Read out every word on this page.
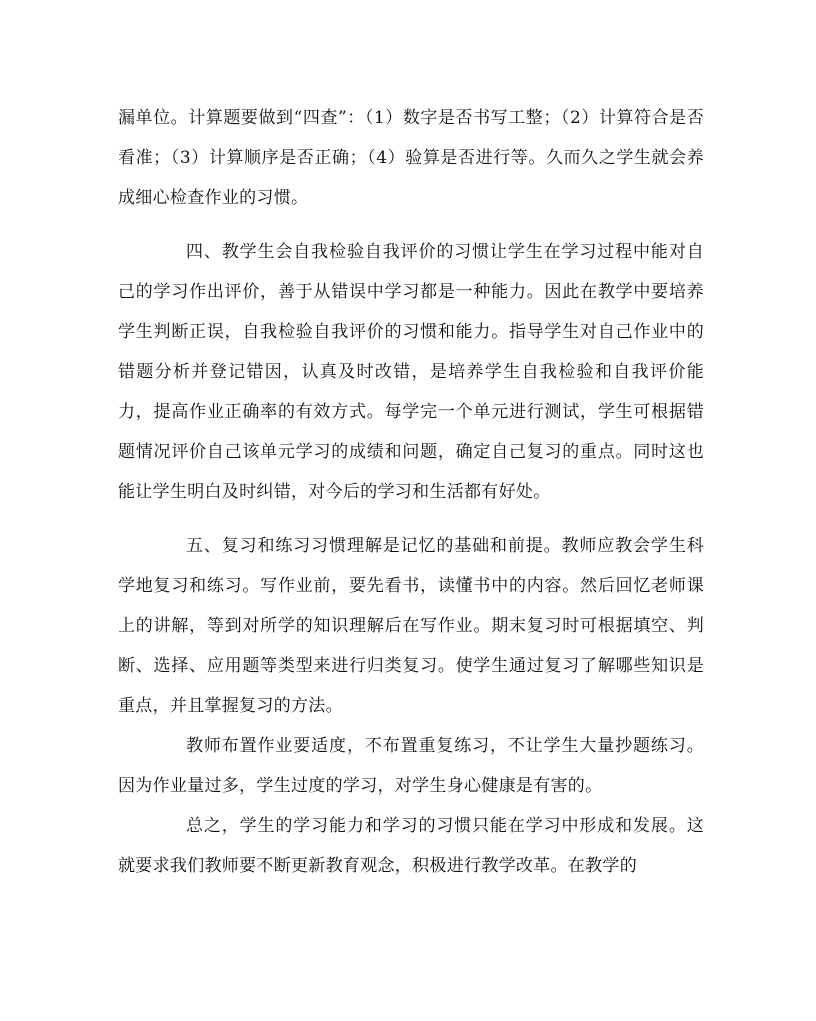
漏单位。计算题要做到“四查”：（1）数字是否书写工整；（2）计算符合是否看准；（3）计算顺序是否正确；（4）验算是否进行等。久而久之学生就会养成细心检查作业的习惯。

四、教学生会自我检验自我评价的习惯让学生在学习过程中能对自己的学习作出评价，善于从错误中学习都是一种能力。因此在教学中要培养学生判断正误，自我检验自我评价的习惯和能力。指导学生对自己作业中的错题分析并登记错因，认真及时改错，是培养学生自我检验和自我评价能力，提高作业正确率的有效方式。每学完一个单元进行测试，学生可根据错题情况评价自己该单元学习的成绩和问题，确定自己复习的重点。同时这也能让学生明白及时纠错，对今后的学习和生活都有好处。

五、复习和练习习惯理解是记忆的基础和前提。教师应教会学生科学地复习和练习。写作业前，要先看书，读懂书中的内容。然后回忆老师课上的讲解，等到对所学的知识理解后在写作业。期末复习时可根据填空、判断、选择、应用题等类型来进行归类复习。使学生通过复习了解哪些知识是重点，并且掌握复习的方法。

教师布置作业要适度，不布置重复练习，不让学生大量抄题练习。因为作业量过多，学生过度的学习，对学生身心健康是有害的。

总之，学生的学习能力和学习的习惯只能在学习中形成和发展。这就要求我们教师要不断更新教育观念，积极进行教学改革。在教学的
